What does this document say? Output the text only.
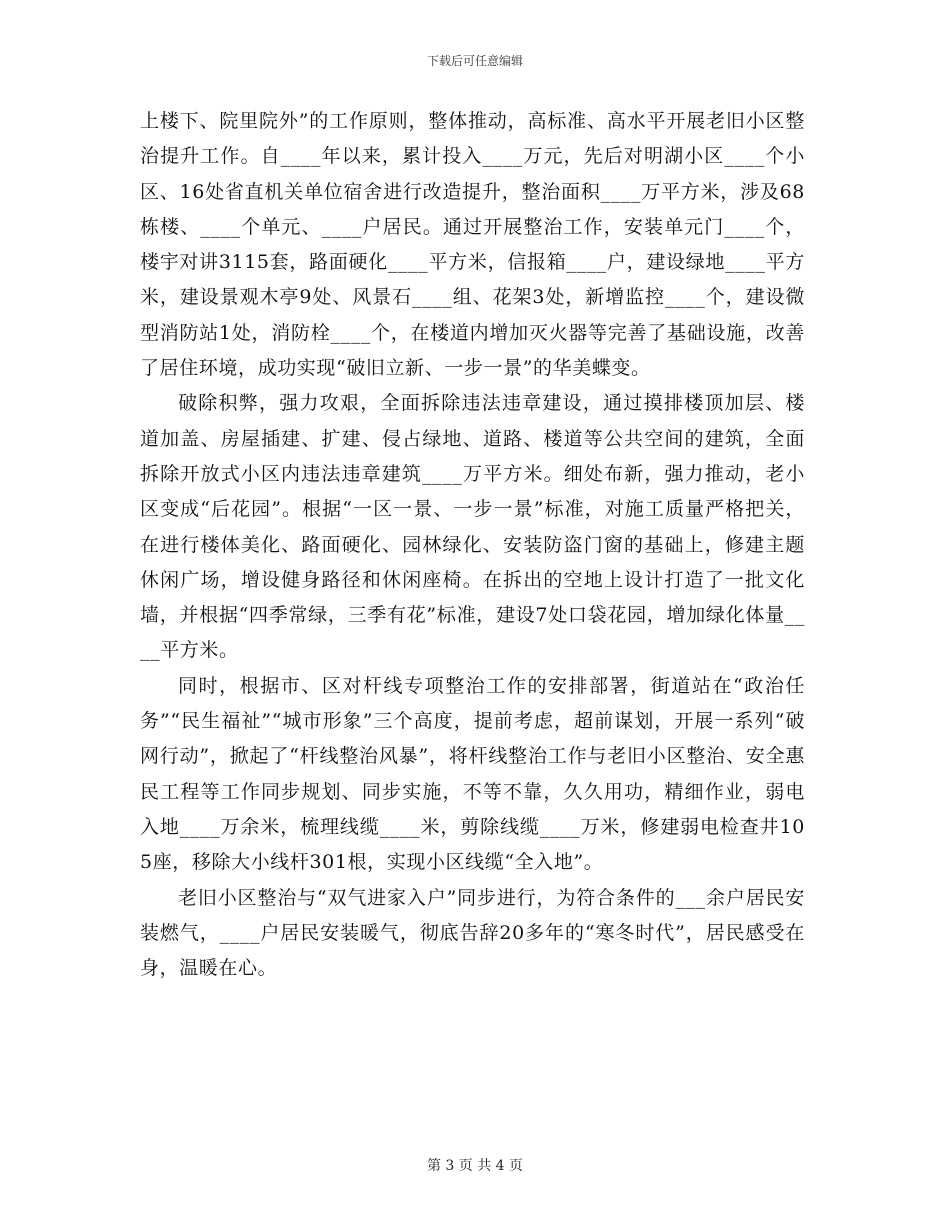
下载后可任意编辑

上楼下、院里院外”的工作原则，整体推动，高标准、高水平开展老旧小区整治提升工作。自____年以来，累计投入____万元，先后对明湖小区____个小区、16处省直机关单位宿舍进行改造提升，整治面积____万平方米，涉及68栋楼、____个单元、____户居民。通过开展整治工作，安装单元门____个，楼宇对讲3115套，路面硬化____平方米，信报箱____户，建设绿地____平方米，建设景观木亭9处、风景石____组、花架3处，新增监控____个，建设微型消防站1处，消防栓____个，在楼道内增加灭火器等完善了基础设施，改善了居住环境，成功实现“破旧立新、一步一景”的华美蝶变。

破除积弊，强力攻艰，全面拆除违法违章建设，通过摸排楼顶加层、楼道加盖、房屋插建、扩建、侵占绿地、道路、楼道等公共空间的建筑，全面拆除开放式小区内违法违章建筑____万平方米。细处布新，强力推动，老小区变成“后花园”。根据“一区一景、一步一景”标准，对施工质量严格把关，在进行楼体美化、路面硬化、园林绿化、安装防盗门窗的基础上，修建主题休闲广场，增设健身路径和休闲座椅。在拆出的空地上设计打造了一批文化墙，并根据“四季常绿，三季有花”标准，建设7处口袋花园，增加绿化体量____平方米。

同时，根据市、区对杆线专项整治工作的安排部署，街道站在“政治任务”“民生福祉”“城市形象”三个高度，提前考虑，超前谋划，开展一系列“破网行动”，掀起了“杆线整治风暴”，将杆线整治工作与老旧小区整治、安全惠民工程等工作同步规划、同步实施，不等不靠，久久用功，精细作业，弱电入地____万余米，梳理线缆____米，剪除线缆____万米，修建弱电检查井105座，移除大小线杆301根，实现小区线缆“全入地”。

老旧小区整治与“双气进家入户”同步进行，为符合条件的___余户居民安装燃气，____户居民安装暖气，彻底告辞20多年的“寒冬时代”，居民感受在身，温暖在心。

第 3 页 共 4 页
